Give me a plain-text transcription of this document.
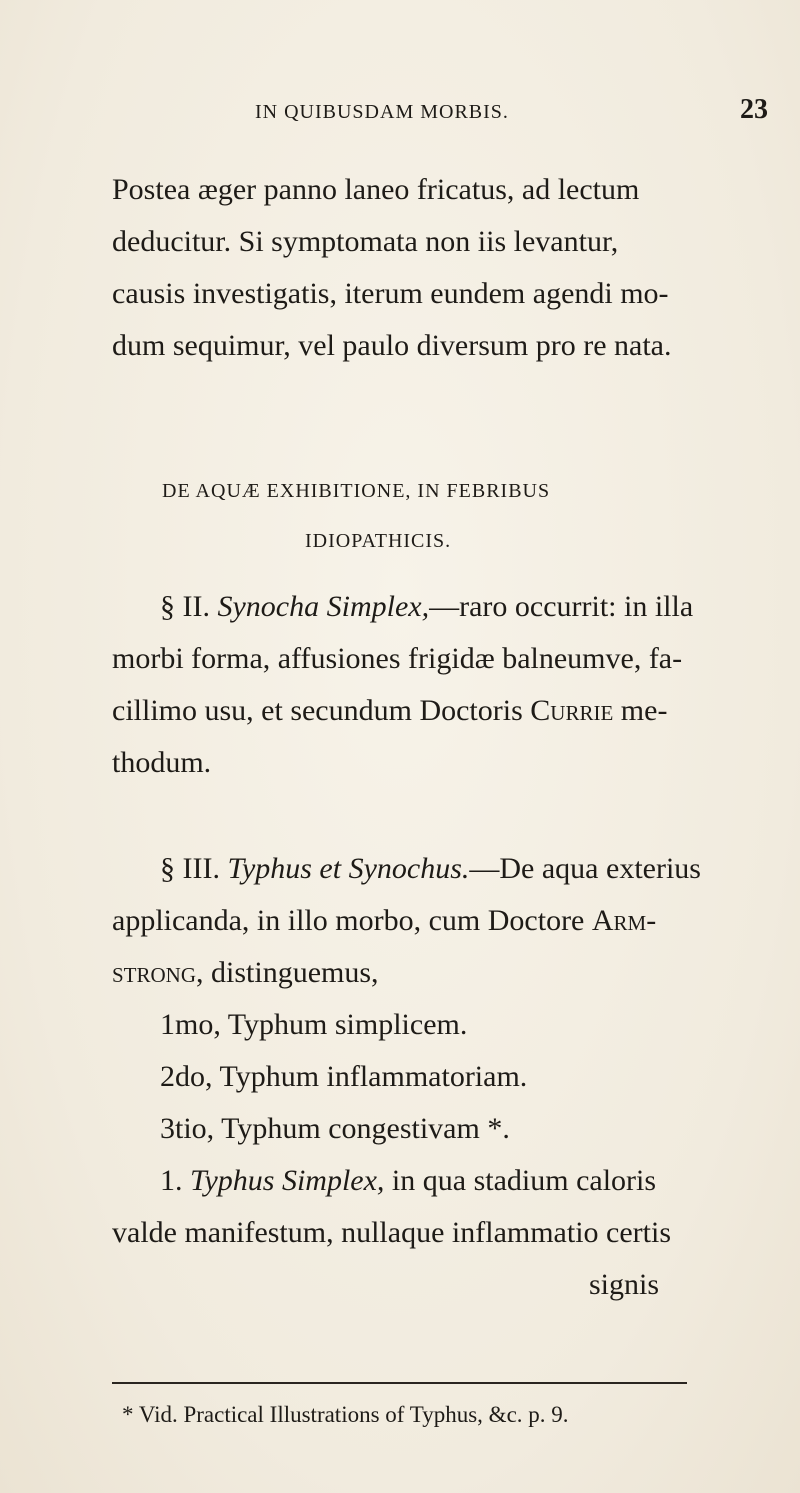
IN QUIBUSDAM MORBIS.	23
Postea æger panno laneo fricatus, ad lectum
deducitur. Si symptomata non iis levantur,
causis investigatis, iterum eundem agendi mo-
dum sequimur, vel paulo diversum pro re nata.
DE AQUÆ EXHIBITIONE, IN FEBRIBUS
IDIOPATHICIS.
§ II. Synocha Simplex,—raro occurrit: in illa
morbi forma, affusiones frigidæ balneumve, fa-
cillimo usu, et secundum Doctoris Currie me-
thodum.
§ III. Typhus et Synochus.—De aqua exterius
applicanda, in illo morbo, cum Doctore Arm-
strong, distinguemus,
1mo, Typhum simplicem.
2do, Typhum inflammatoriam.
3tio, Typhum congestivam *.
1. Typhus Simplex, in qua stadium caloris
valde manifestum, nullaque inflammatio certis
signis
* Vid. Practical Illustrations of Typhus, &c. p. 9.
